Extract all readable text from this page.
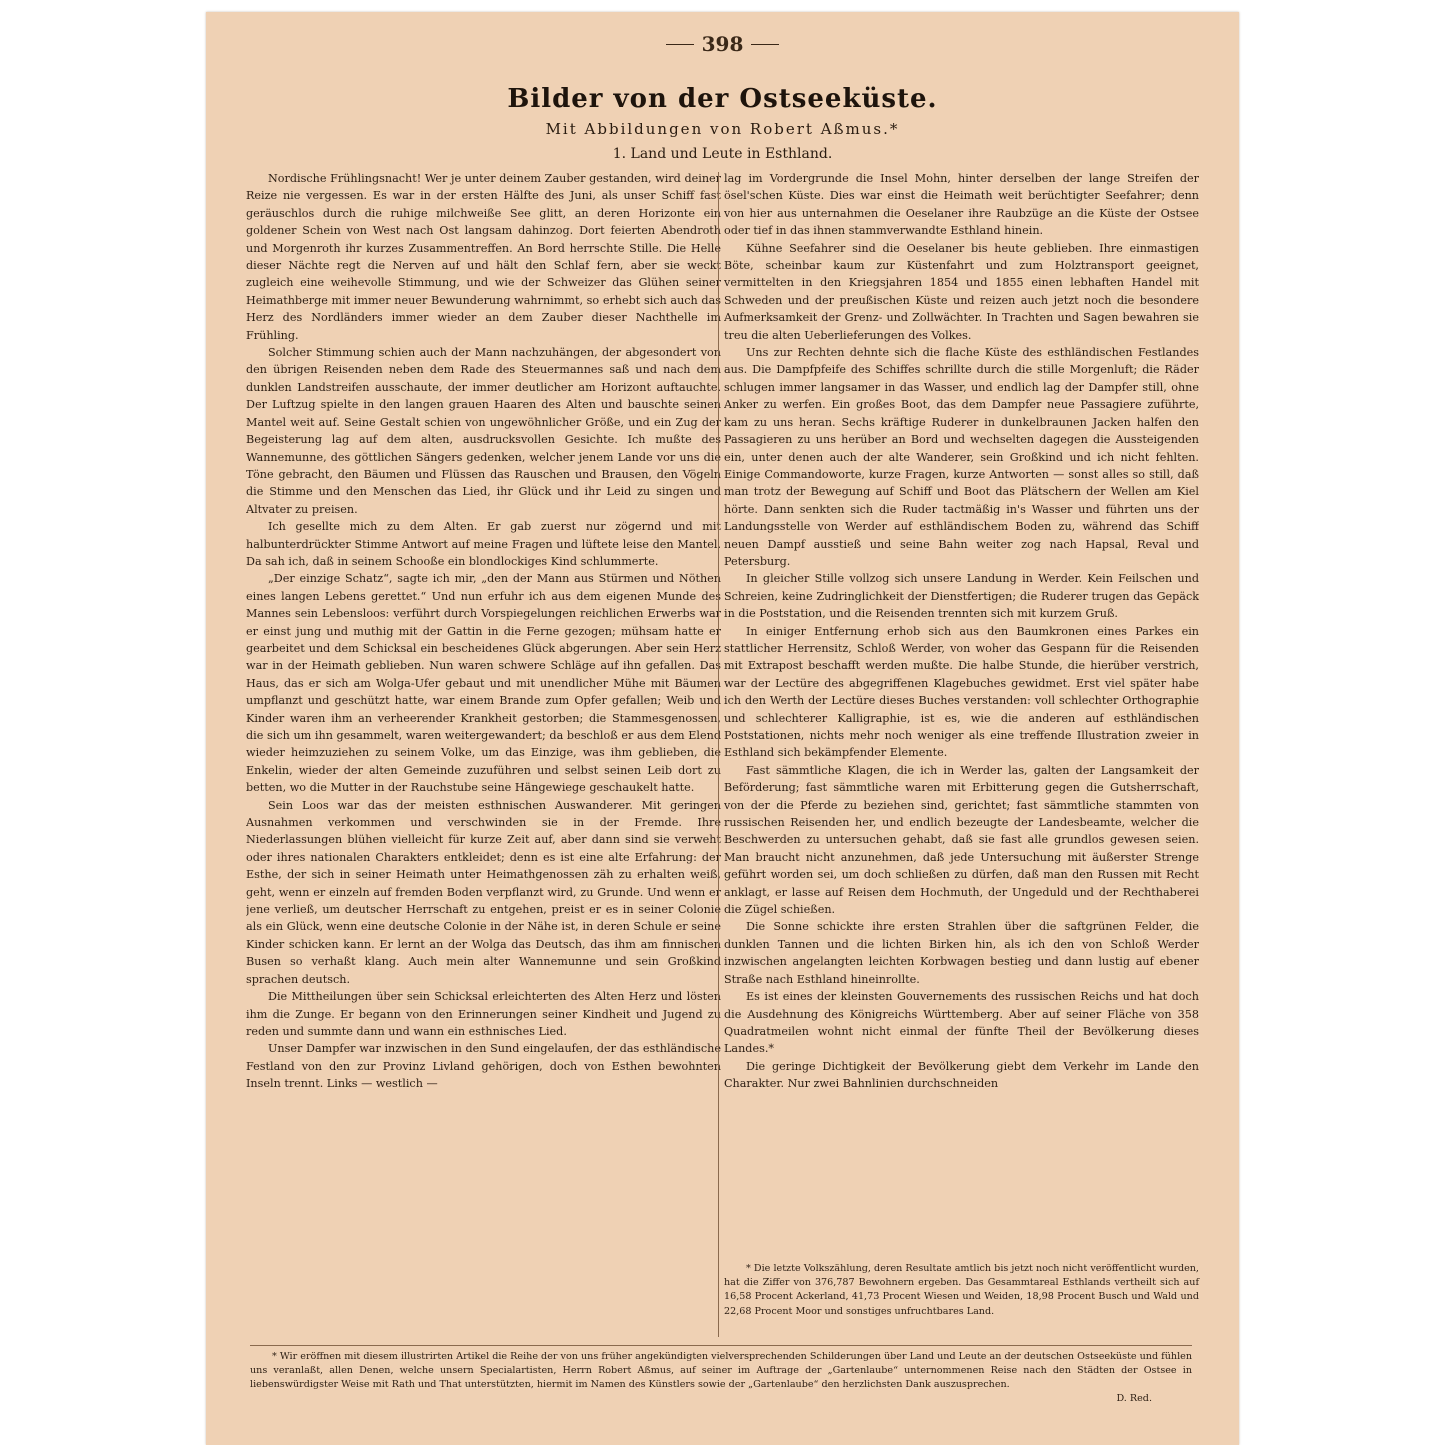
398
Bilder von der Ostseeküste.
Mit Abbildungen von Robert Aßmus.*
1. Land und Leute in Esthland.

Nordische Frühlingsnacht! Wer je unter deinem Zauber gestanden, wird deiner Reize nie vergessen. Es war in der ersten Hälfte des Juni, als unser Schiff fast geräuschlos durch die ruhige milchweiße See glitt, an deren Horizonte ein goldener Schein von West nach Ost langsam dahinzog. Dort feierten Abendroth und Morgenroth ihr kurzes Zusammentreffen. An Bord herrschte Stille. Die Helle dieser Nächte regt die Nerven auf und hält den Schlaf fern, aber sie weckt zugleich eine weihevolle Stimmung, und wie der Schweizer das Glühen seiner Heimathberge mit immer neuer Bewunderung wahrnimmt, so erhebt sich auch das Herz des Nordländers immer wieder an dem Zauber dieser Nachthelle im Frühling.

Solcher Stimmung schien auch der Mann nachzuhängen, der abgesondert von den übrigen Reisenden neben dem Rade des Steuermannes saß und nach dem dunklen Landstreifen ausschaute, der immer deutlicher am Horizont auftauchte. Der Luftzug spielte in den langen grauen Haaren des Alten und bauschte seinen Mantel weit auf. Seine Gestalt schien von ungewöhnlicher Größe, und ein Zug der Begeisterung lag auf dem alten, ausdrucksvollen Gesichte. Ich mußte des Wannemunne, des göttlichen Sängers gedenken, welcher jenem Lande vor uns die Töne gebracht, den Bäumen und Flüssen das Rauschen und Brausen, den Vögeln die Stimme und den Menschen das Lied, ihr Glück und ihr Leid zu singen und Altvater zu preisen.

Ich gesellte mich zu dem Alten. Er gab zuerst nur zögernd und mit halbunterdrückter Stimme Antwort auf meine Fragen und lüftete leise den Mantel. Da sah ich, daß in seinem Schooße ein blondlockiges Kind schlummerte.

„Der einzige Schatz“, sagte ich mir, „den der Mann aus Stürmen und Nöthen eines langen Lebens gerettet.“ Und nun erfuhr ich aus dem eigenen Munde des Mannes sein Lebensloos: verführt durch Vorspiegelungen reichlichen Erwerbs war er einst jung und muthig mit der Gattin in die Ferne gezogen; mühsam hatte er gearbeitet und dem Schicksal ein bescheidenes Glück abgerungen. Aber sein Herz war in der Heimath geblieben. Nun waren schwere Schläge auf ihn gefallen. Das Haus, das er sich am Wolga-Ufer gebaut und mit unendlicher Mühe mit Bäumen umpflanzt und geschützt hatte, war einem Brande zum Opfer gefallen; Weib und Kinder waren ihm an verheerender Krankheit gestorben; die Stammesgenossen, die sich um ihn gesammelt, waren weitergewandert; da beschloß er aus dem Elend wieder heimzuziehen zu seinem Volke, um das Einzige, was ihm geblieben, die Enkelin, wieder der alten Gemeinde zuzuführen und selbst seinen Leib dort zu betten, wo die Mutter in der Rauchstube seine Hängewiege geschaukelt hatte.

Sein Loos war das der meisten esthnischen Auswanderer. Mit geringen Ausnahmen verkommen und verschwinden sie in der Fremde. Ihre Niederlassungen blühen vielleicht für kurze Zeit auf, aber dann sind sie verweht oder ihres nationalen Charakters entkleidet; denn es ist eine alte Erfahrung: der Esthe, der sich in seiner Heimath unter Heimathgenossen zäh zu erhalten weiß, geht, wenn er einzeln auf fremden Boden verpflanzt wird, zu Grunde. Und wenn er jene verließ, um deutscher Herrschaft zu entgehen, preist er es in seiner Colonie als ein Glück, wenn eine deutsche Colonie in der Nähe ist, in deren Schule er seine Kinder schicken kann. Er lernt an der Wolga das Deutsch, das ihm am finnischen Busen so verhaßt klang. Auch mein alter Wannemunne und sein Großkind sprachen deutsch.

Die Mittheilungen über sein Schicksal erleichterten des Alten Herz und lösten ihm die Zunge. Er begann von den Erinnerungen seiner Kindheit und Jugend zu reden und summte dann und wann ein esthnisches Lied.

Unser Dampfer war inzwischen in den Sund eingelaufen, der das esthländische Festland von den zur Provinz Livland gehörigen, doch von Esthen bewohnten Inseln trennt. Links — westlich —

lag im Vordergrunde die Insel Mohn, hinter derselben der lange Streifen der ösel'schen Küste. Dies war einst die Heimath weit berüchtigter Seefahrer; denn von hier aus unternahmen die Oeselaner ihre Raubzüge an die Küste der Ostsee oder tief in das ihnen stammverwandte Esthland hinein.

Kühne Seefahrer sind die Oeselaner bis heute geblieben. Ihre einmastigen Böte, scheinbar kaum zur Küstenfahrt und zum Holztransport geeignet, vermittelten in den Kriegsjahren 1854 und 1855 einen lebhaften Handel mit Schweden und der preußischen Küste und reizen auch jetzt noch die besondere Aufmerksamkeit der Grenz- und Zollwächter. In Trachten und Sagen bewahren sie treu die alten Ueberlieferungen des Volkes.

Uns zur Rechten dehnte sich die flache Küste des esthländischen Festlandes aus. Die Dampfpfeife des Schiffes schrillte durch die stille Morgenluft; die Räder schlugen immer langsamer in das Wasser, und endlich lag der Dampfer still, ohne Anker zu werfen. Ein großes Boot, das dem Dampfer neue Passagiere zuführte, kam zu uns heran. Sechs kräftige Ruderer in dunkelbraunen Jacken halfen den Passagieren zu uns herüber an Bord und wechselten dagegen die Aussteigenden ein, unter denen auch der alte Wanderer, sein Großkind und ich nicht fehlten. Einige Commandoworte, kurze Fragen, kurze Antworten — sonst alles so still, daß man trotz der Bewegung auf Schiff und Boot das Plätschern der Wellen am Kiel hörte. Dann senkten sich die Ruder tactmäßig in's Wasser und führten uns der Landungsstelle von Werder auf esthländischem Boden zu, während das Schiff neuen Dampf ausstieß und seine Bahn weiter zog nach Hapsal, Reval und Petersburg.

In gleicher Stille vollzog sich unsere Landung in Werder. Kein Feilschen und Schreien, keine Zudringlichkeit der Dienstfertigen; die Ruderer trugen das Gepäck in die Poststation, und die Reisenden trennten sich mit kurzem Gruß.

In einiger Entfernung erhob sich aus den Baumkronen eines Parkes ein stattlicher Herrensitz, Schloß Werder, von woher das Gespann für die Reisenden mit Extrapost beschafft werden mußte. Die halbe Stunde, die hierüber verstrich, war der Lectüre des abgegriffenen Klagebuches gewidmet. Erst viel später habe ich den Werth der Lectüre dieses Buches verstanden: voll schlechter Orthographie und schlechterer Kalligraphie, ist es, wie die anderen auf esthländischen Poststationen, nichts mehr noch weniger als eine treffende Illustration zweier in Esthland sich bekämpfender Elemente.

Fast sämmtliche Klagen, die ich in Werder las, galten der Langsamkeit der Beförderung; fast sämmtliche waren mit Erbitterung gegen die Gutsherrschaft, von der die Pferde zu beziehen sind, gerichtet; fast sämmtliche stammten von russischen Reisenden her, und endlich bezeugte der Landesbeamte, welcher die Beschwerden zu untersuchen gehabt, daß sie fast alle grundlos gewesen seien. Man braucht nicht anzunehmen, daß jede Untersuchung mit äußerster Strenge geführt worden sei, um doch schließen zu dürfen, daß man den Russen mit Recht anklagt, er lasse auf Reisen dem Hochmuth, der Ungeduld und der Rechthaberei die Zügel schießen.

Die Sonne schickte ihre ersten Strahlen über die saftgrünen Felder, die dunklen Tannen und die lichten Birken hin, als ich den von Schloß Werder inzwischen angelangten leichten Korbwagen bestieg und dann lustig auf ebener Straße nach Esthland hineinrollte.

Es ist eines der kleinsten Gouvernements des russischen Reichs und hat doch die Ausdehnung des Königreichs Württemberg. Aber auf seiner Fläche von 358 Quadratmeilen wohnt nicht einmal der fünfte Theil der Bevölkerung dieses Landes.*

Die geringe Dichtigkeit der Bevölkerung giebt dem Verkehr im Lande den Charakter. Nur zwei Bahnlinien durchschneiden

* Die letzte Volkszählung, deren Resultate amtlich bis jetzt noch nicht veröffentlicht wurden, hat die Ziffer von 376,787 Bewohnern ergeben. Das Gesammtareal Esthlands vertheilt sich auf 16,58 Procent Ackerland, 41,73 Procent Wiesen und Weiden, 18,98 Procent Busch und Wald und 22,68 Procent Moor und sonstiges unfruchtbares Land.

* Wir eröffnen mit diesem illustrirten Artikel die Reihe der von uns früher angekündigten vielversprechenden Schilderungen über Land und Leute an der deutschen Ostseeküste und fühlen uns veranlaßt, allen Denen, welche unsern Specialartisten, Herrn Robert Aßmus, auf seiner im Auftrage der „Gartenlaube“ unternommenen Reise nach den Städten der Ostsee in liebenswürdigster Weise mit Rath und That unterstützten, hiermit im Namen des Künstlers sowie der „Gartenlaube“ den herzlichsten Dank auszusprechen.

D. Red.
